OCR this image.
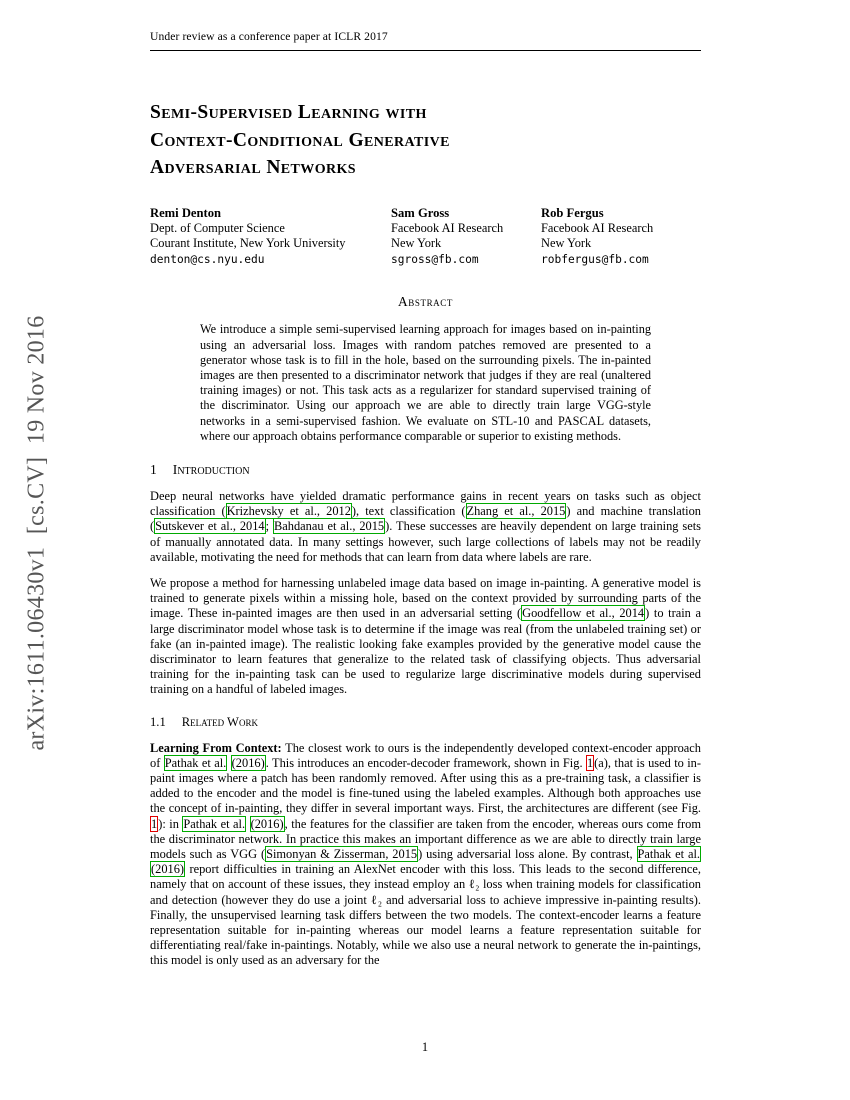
arXiv:1611.06430v1  [cs.CV]  19 Nov 2016
Under review as a conference paper at ICLR 2017
Semi-Supervised Learning with
Context-Conditional Generative
Adversarial Networks
Remi Denton
Dept. of Computer Science
Courant Institute, New York University
denton@cs.nyu.edu
Sam Gross
Facebook AI Research
New York
sgross@fb.com
Rob Fergus
Facebook AI Research
New York
robfergus@fb.com
Abstract
We introduce a simple semi-supervised learning approach for images based on in-painting using an adversarial loss. Images with random patches removed are presented to a generator whose task is to fill in the hole, based on the surrounding pixels. The in-painted images are then presented to a discriminator network that judges if they are real (unaltered training images) or not. This task acts as a regularizer for standard supervised training of the discriminator. Using our approach we are able to directly train large VGG-style networks in a semi-supervised fashion. We evaluate on STL-10 and PASCAL datasets, where our approach obtains performance comparable or superior to existing methods.
1 Introduction

Deep neural networks have yielded dramatic performance gains in recent years on tasks such as object classification (Krizhevsky et al., 2012), text classification (Zhang et al., 2015) and machine translation (Sutskever et al., 2014; Bahdanau et al., 2015). These successes are heavily dependent on large training sets of manually annotated data. In many settings however, such large collections of labels may not be readily available, motivating the need for methods that can learn from data where labels are rare.

We propose a method for harnessing unlabeled image data based on image in-painting. A generative model is trained to generate pixels within a missing hole, based on the context provided by surrounding parts of the image. These in-painted images are then used in an adversarial setting (Goodfellow et al., 2014) to train a large discriminator model whose task is to determine if the image was real (from the unlabeled training set) or fake (an in-painted image). The realistic looking fake examples provided by the generative model cause the discriminator to learn features that generalize to the related task of classifying objects. Thus adversarial training for the in-painting task can be used to regularize large discriminative models during supervised training on a handful of labeled images.

1.1 Related Work

Learning From Context: The closest work to ours is the independently developed context-encoder approach of Pathak et al. (2016). This introduces an encoder-decoder framework, shown in Fig. 1(a), that is used to in-paint images where a patch has been randomly removed. After using this as a pre-training task, a classifier is added to the encoder and the model is fine-tuned using the labeled examples. Although both approaches use the concept of in-painting, they differ in several important ways. First, the architectures are different (see Fig. 1): in Pathak et al. (2016), the features for the classifier are taken from the encoder, whereas ours come from the discriminator network. In practice this makes an important difference as we are able to directly train large models such as VGG (Simonyan & Zisserman, 2015) using adversarial loss alone. By contrast, Pathak et al. (2016) report difficulties in training an AlexNet encoder with this loss. This leads to the second difference, namely that on account of these issues, they instead employ an ℓ₂ loss when training models for classification and detection (however they do use a joint ℓ₂ and adversarial loss to achieve impressive in-painting results). Finally, the unsupervised learning task differs between the two models. The context-encoder learns a feature representation suitable for in-painting whereas our model learns a feature representation suitable for differentiating real/fake in-paintings. Notably, while we also use a neural network to generate the in-paintings, this model is only used as an adversary for the

1
